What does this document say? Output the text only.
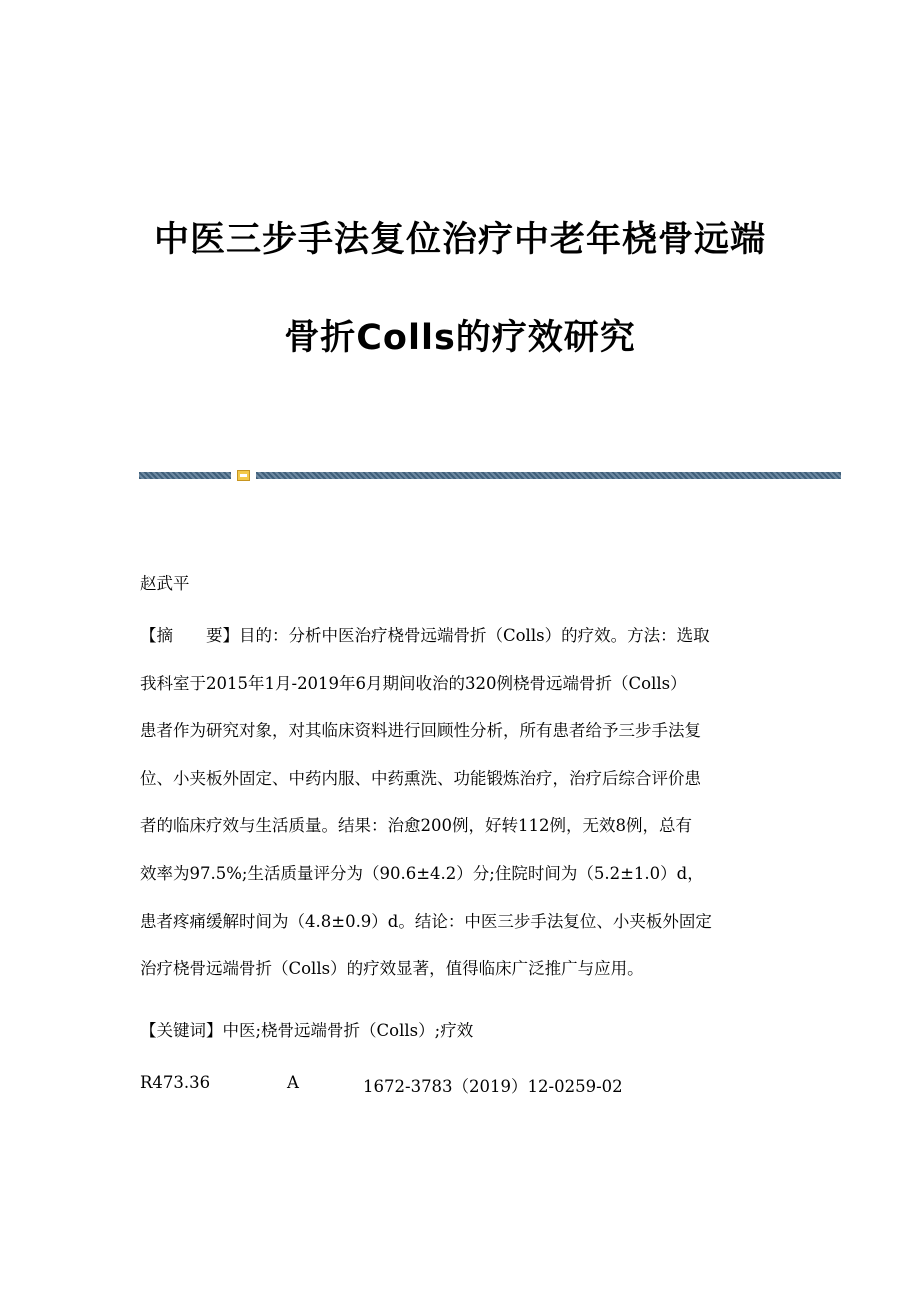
中医三步手法复位治疗中老年桡骨远端
骨折Colls的疗效研究
赵武平

【摘　　要】目的：分析中医治疗桡骨远端骨折（Colls）的疗效。方法：选取

我科室于2015年1月-2019年6月期间收治的320例桡骨远端骨折（Colls）

患者作为研究对象，对其临床资料进行回顾性分析，所有患者给予三步手法复

位、小夹板外固定、中药内服、中药熏洗、功能锻炼治疗，治疗后综合评价患

者的临床疗效与生活质量。结果：治愈200例，好转112例，无效8例，总有

效率为97.5%;生活质量评分为（90.6±4.2）分;住院时间为（5.2±1.0）d，

患者疼痛缓解时间为（4.8±0.9）d。结论：中医三步手法复位、小夹板外固定

治疗桡骨远端骨折（Colls）的疗效显著，值得临床广泛推广与应用。

【关键词】中医;桡骨远端骨折（Colls）;疗效
R473.36	A	1672-3783（2019）12-0259-02
